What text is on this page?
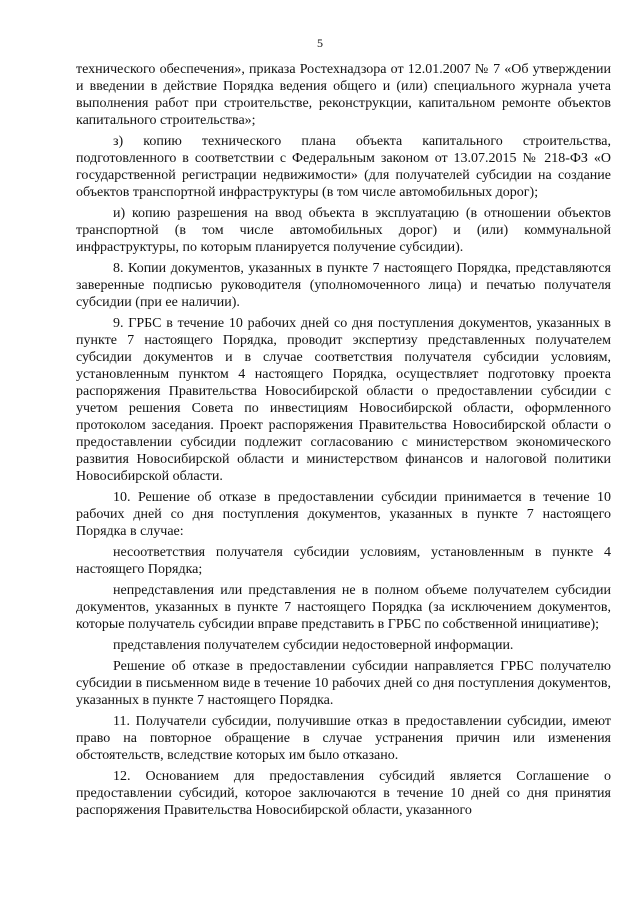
5

технического обеспечения», приказа Ростехнадзора от 12.01.2007 № 7 «Об утверждении и введении в действие Порядка ведения общего и (или) специального журнала учета выполнения работ при строительстве, реконструкции, капитальном ремонте объектов капитального строительства»;

з) копию технического плана объекта капитального строительства, подготовленного в соответствии с Федеральным законом от 13.07.2015 № 218-ФЗ «О государственной регистрации недвижимости» (для получателей субсидии на создание объектов транспортной инфраструктуры (в том числе автомобильных дорог);

и) копию разрешения на ввод объекта в эксплуатацию (в отношении объектов транспортной (в том числе автомобильных дорог) и (или) коммунальной инфраструктуры, по которым планируется получение субсидии).

8. Копии документов, указанных в пункте 7 настоящего Порядка, представляются заверенные подписью руководителя (уполномоченного лица) и печатью получателя субсидии (при ее наличии).

9. ГРБС в течение 10 рабочих дней со дня поступления документов, указанных в пункте 7 настоящего Порядка, проводит экспертизу представленных получателем субсидии документов и в случае соответствия получателя субсидии условиям, установленным пунктом 4 настоящего Порядка, осуществляет подготовку проекта распоряжения Правительства Новосибирской области о предоставлении субсидии с учетом решения Совета по инвестициям Новосибирской области, оформленного протоколом заседания. Проект распоряжения Правительства Новосибирской области о предоставлении субсидии подлежит согласованию с министерством экономического развития Новосибирской области и министерством финансов и налоговой политики Новосибирской области.

10. Решение об отказе в предоставлении субсидии принимается в течение 10 рабочих дней со дня поступления документов, указанных в пункте 7 настоящего Порядка в случае:

несоответствия получателя субсидии условиям, установленным в пункте 4 настоящего Порядка;

непредставления или представления не в полном объеме получателем субсидии документов, указанных в пункте 7 настоящего Порядка (за исключением документов, которые получатель субсидии вправе представить в ГРБС по собственной инициативе);

представления получателем субсидии недостоверной информации.

Решение об отказе в предоставлении субсидии направляется ГРБС получателю субсидии в письменном виде в течение 10 рабочих дней со дня поступления документов, указанных в пункте 7 настоящего Порядка.

11. Получатели субсидии, получившие отказ в предоставлении субсидии, имеют право на повторное обращение в случае устранения причин или изменения обстоятельств, вследствие которых им было отказано.

12. Основанием для предоставления субсидий является Соглашение о предоставлении субсидий, которое заключаются в течение 10 дней со дня принятия распоряжения Правительства Новосибирской области, указанного
